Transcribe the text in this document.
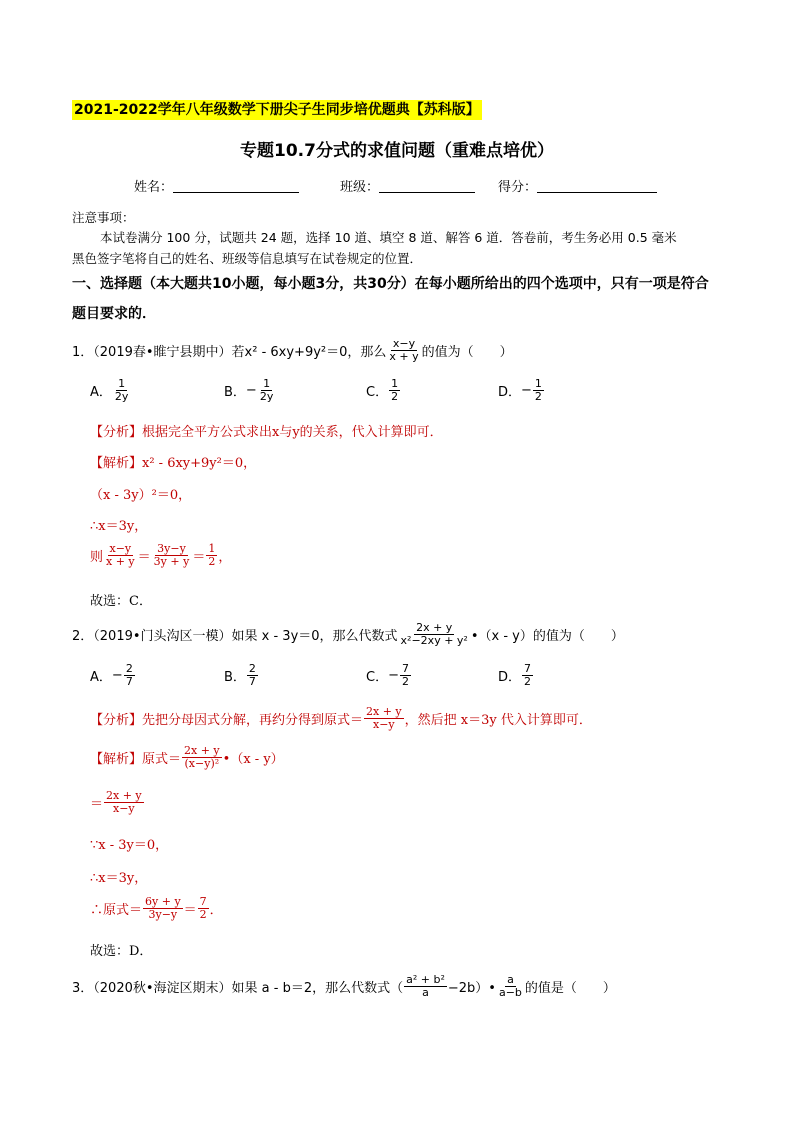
2021-2022学年八年级数学下册尖子生同步培优题典【苏科版】
专题10.7分式的求值问题（重难点培优）
姓名：	班级：	得分：
注意事项：
本试卷满分 100 分，试题共 24 题，选择 10 道、填空 8 道、解答 6 道．答卷前，考生务必用 0.5 毫米
黑色签字笔将自己的姓名、班级等信息填写在试卷规定的位置．
一、选择题（本大题共10小题，每小题3分，共30分）在每小题所给出的四个选项中，只有一项是符合
题目要求的．
1．（2019春•睢宁县期中）若 x² - 6xy+9y²＝0，那么 $\frac{x-y}{x + y}$ 的值为（　　）
A． $\frac{1}{2y}$	B． − $\frac{1}{2y}$	C． $\frac{1}{2}$	D． − $\frac{1}{2}$
【分析】根据完全平方公式求出x与y的关系，代入计算即可．
【解析】x² - 6xy+9y²＝0，
（x - 3y）²＝0，
∴x＝3y，
则 $\frac{x-y}{x + y} = \frac{3y-y}{3y + y} = \frac{1}{2}$ ，
故选：C．
2．（2019•门头沟区一模）如果 x - 3y＝0，那么代数式 $\frac{2x + y}{\text{x²−2xy + y²}}$ •（x - y）的值为（　　）
A． − $\frac{2}{7}$	B． $\frac{2}{7}$	C． − $\frac{7}{2}$	D． $\frac{7}{2}$
【分析】先把分母因式分解，再约分得到原式＝ $\frac{2x + y}{x-y}$ ，然后把 x＝3y 代入计算即可．
【解析】原式＝ $\frac{2x + y}{\text{(x−y)²}}$ •（x - y）
＝ $\frac{2x + y}{x-y}$
∵x - 3y＝0，
∴x＝3y，
∴原式＝ $\frac{6y + y}{3y-y} = \frac{7}{2}$ ．
故选：D．
3．（2020秋•海淀区期末）如果 a - b＝2，那么代数式（ $\frac{\text{a² + b²}}{a}$ −2b）• $\frac{a}{a-b}$ 的值是（　　）
